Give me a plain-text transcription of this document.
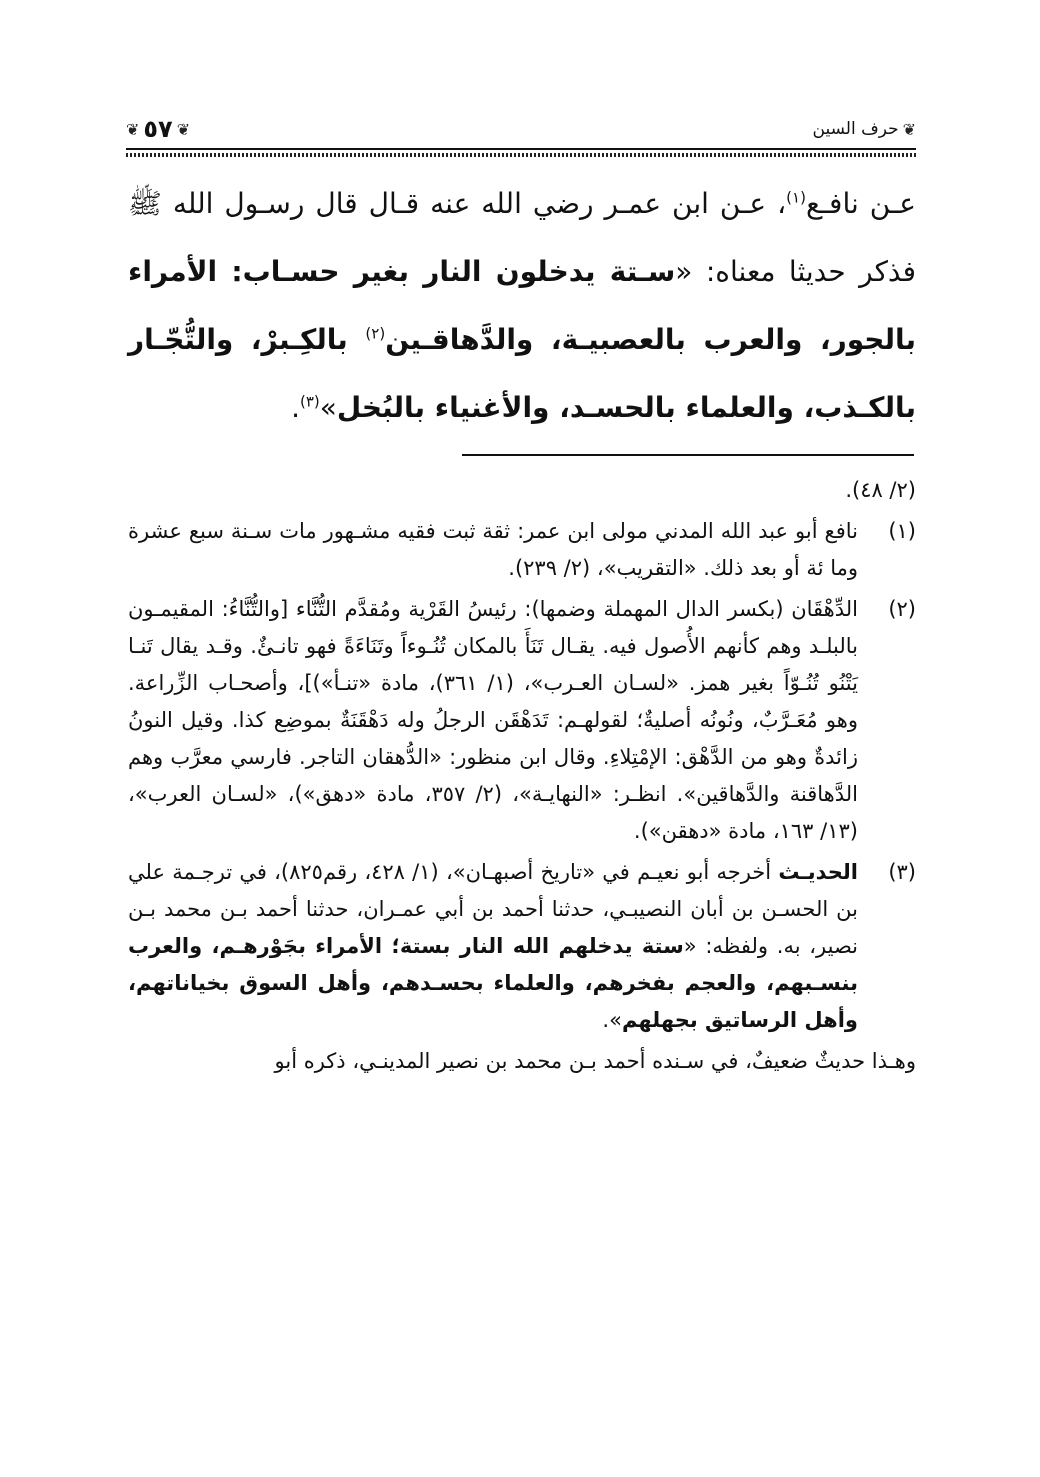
❦
حرف السين
❦
٥٧
❦

عـن نافـع$^{(١)}$، عـن ابن عمـر رضي الله عنه قـال قال رسـول الله ﷺ فذكر حديثا معناه: «سـتة يدخلون النار بغير حسـاب: الأمراء بالجور، والعرب بالعصبيـة، والدَّهاقـين$^{(٢)}$ بالكِـبرْ، والتُّجّـار بالكـذب، والعلماء بالحسـد، والأغنياء بالبُخل»$^{(٣)}$.

(٢/ ٤٨).

(١)
نافع أبو عبد الله المدني مولى ابن عمر: ثقة ثبت فقيه مشـهور مات سـنة سبع عشرة وما ئة أو بعد ذلك. «التقريب»، (٢/ ٢٣٩).
(٢)
الدِّهْقَان (بكسر الدال المهملة وضمها): رئيسُ القَرْية ومُقدَّم التُّنَّاء [والتُّنَّاءُ: المقيمـون بالبلـد وهم كأنهم الأُصول فيه. يقـال تَنَأَ بالمكان تُنُـوءاً وتَنَاءَةً فهو تانـئٌ. وقـد يقال تَنـا يَتْنُو تُنُـوّاً بغير همز. «لسـان العـرب»، (١/ ٣٦١)، مادة «تنـأ»)]، وأصحـاب الزِّراعة. وهو مُعَـرَّبٌ، ونُونُه أصليةٌ؛ لقولهـم: تَدَهْقَن الرجلُ وله دَهْقَنَةٌ بموضِع كذا. وقيل النونُ زائدةٌ وهو من الدَّهْق: الإمْتِلاءِ. وقال ابن منظور: «الدُّهقان التاجر. فارسي معرَّب وهم الدَّهاقنة والدَّهاقين». انظـر: «النهايـة»، (٢/ ٣٥٧، مادة «دهق»)، «لسـان العرب»، (١٣/ ١٦٣، مادة «دهقن»).
(٣)
الحديـث أخرجه أبو نعيـم في «تاريخ أصبهـان»، (١/ ٤٢٨، رقم٨٢٥)، في ترجـمة علي بن الحسـن بن أبان النصيبـي، حدثنا أحمد بن أبي عمـران، حدثنا أحمد بـن محمد بـن نصير، به. ولفظه: «ستة يدخلهم الله النار بستة؛ الأمراء بجَوْرهـم، والعرب بنسـبهم، والعجم بفخرهم، والعلماء بحسـدهم، وأهل السوق بخياناتهم، وأهل الرساتيق بجهلهم».

وهـذا حديثٌ ضعيفٌ، في سـنده أحمد بـن محمد بن نصير المدينـي، ذكره أبو
